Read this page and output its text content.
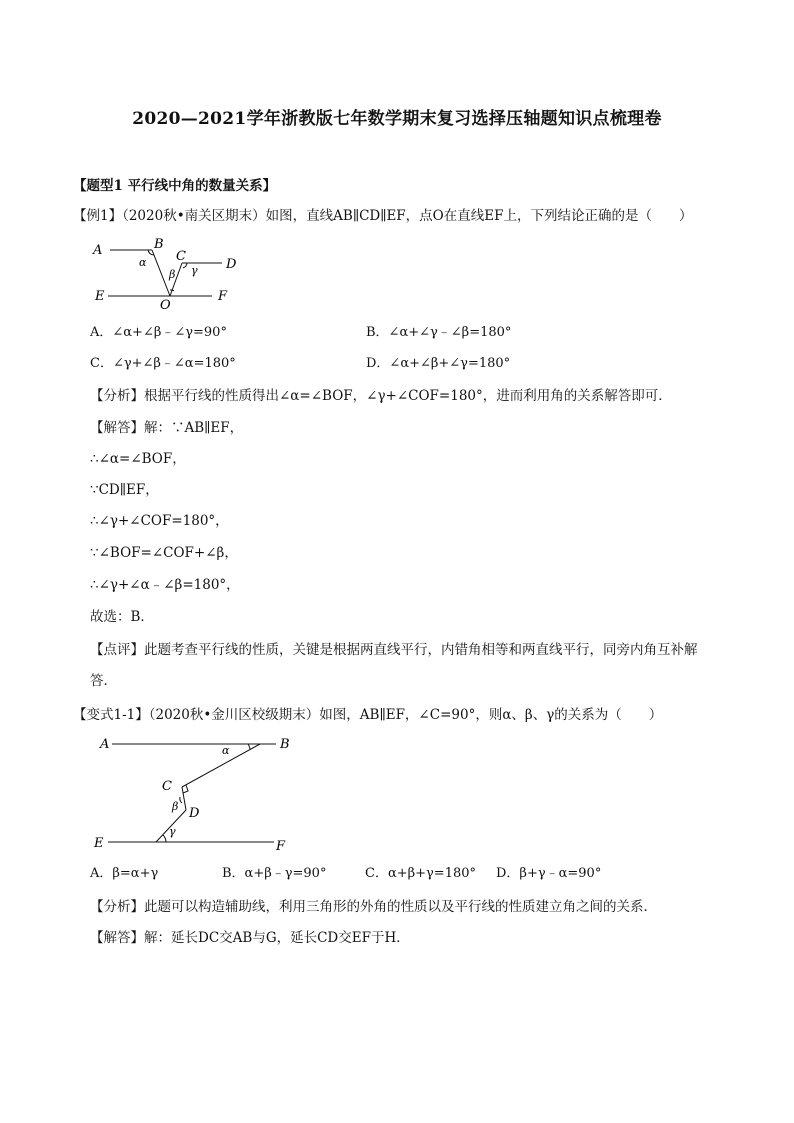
2020—2021学年浙教版七年数学期末复习选择压轴题知识点梳理卷
【题型1 平行线中角的数量关系】
【例1】（2020秋•南关区期末）如图，直线AB∥CD∥EF，点O在直线EF上，下列结论正确的是（　　）
A	B
C
D
E	F
O
α
β γ
A．∠α+∠β﹣∠γ=90°	B．∠α+∠γ﹣∠β=180°
C．∠γ+∠β﹣∠α=180°	D．∠α+∠β+∠γ=180°
【分析】根据平行线的性质得出∠α=∠BOF，∠γ+∠COF=180°，进而利用角的关系解答即可．
【解答】解：∵AB∥EF，
∴∠α=∠BOF，
∵CD∥EF，
∴∠γ+∠COF=180°，
∵∠BOF=∠COF+∠β，
∴∠γ+∠α﹣∠β=180°，
故选：B．
【点评】此题考查平行线的性质，关键是根据两直线平行，内错角相等和两直线平行，同旁内角互补解
答．
【变式1-1】（2020秋•金川区校级期末）如图，AB∥EF，∠C=90°，则α、β、γ的关系为（　　）
A	B
C
D
E	F
α
β
γ
A．β=α+γ	B．α+β﹣γ=90°	C．α+β+γ=180° D．β+γ﹣α=90°
【分析】此题可以构造辅助线，利用三角形的外角的性质以及平行线的性质建立角之间的关系．
【解答】解：延长DC交AB与G，延长CD交EF于H．
